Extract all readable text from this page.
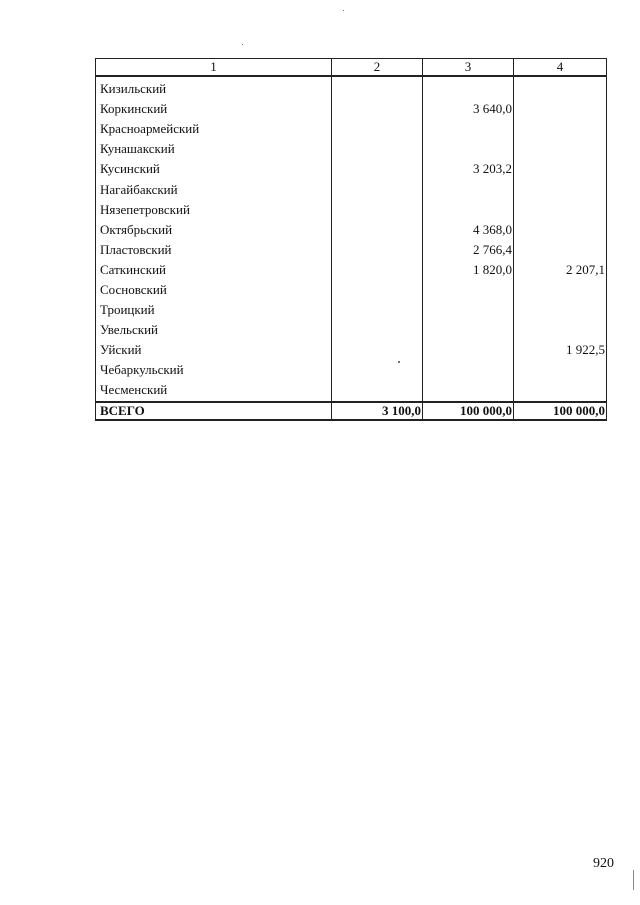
1	2	3	4
Кизильский			
Коркинский		3 640,0	
Красноармейский			
Кунашакский			
Кусинский		3 203,2	
Нагайбакский			
Нязепетровский			
Октябрьский		4 368,0	
Пластовский		2 766,4	
Саткинский		1 820,0	2 207,1
Сосновский			
Троицкий			
Увельский			
Уйский			1 922,5
Чебаркульский			
Чесменский			
ВСЕГО	3 100,0	100 000,0	100 000,0
920
